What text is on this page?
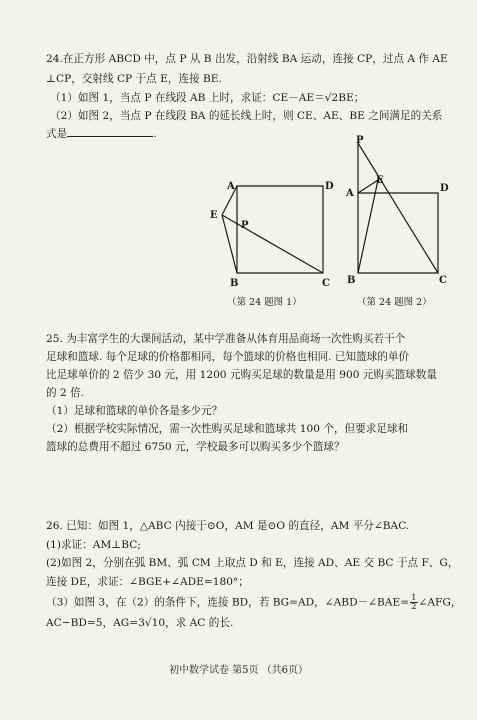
24.在正方形 ABCD 中，点 P 从 B 出发，沿射线 BA 运动，连接 CP，过点 A 作 AE
⊥CP，交射线 CP 于点 E，连接 BE.
（1）如图 1，当点 P 在线段 AB 上时，求证：CE－AE＝√2BE；
（2）如图 2，当点 P 在线段 BA 的延长线上时，则 CE、AE、BE 之间满足的关系
式是	.
A	D
E
P
B	C
（第 24 题图 1）
P
E
A	D
B	C
（第 24 题图 2）
25. 为丰富学生的大课间活动，某中学准备从体育用品商场一次性购买若干个
足球和篮球. 每个足球的价格都相同，每个篮球的价格也相同. 已知篮球的单价
比足球单价的 2 倍少 30 元，用 1200 元购买足球的数量是用 900 元购买篮球数量
的 2 倍.
（1）足球和篮球的单价各是多少元？
（2）根据学校实际情况，需一次性购买足球和篮球共 100 个，但要求足球和
篮球的总费用不超过 6750 元，学校最多可以购买多少个篮球？
26. 已知：如图 1，△ABC 内接于⊙O，AM 是⊙O 的直径，AM 平分∠BAC.
(1)求证：AM⊥BC;
(2)如图 2，分别在弧 BM、弧 CM 上取点 D 和 E，连接 AD、AE 交 BC 于点 F、G，
连接 DE，求证：∠BGE+∠ADE=180°；
（3）如图 3，在（2）的条件下，连接 BD，若 BG=AD，∠ABD－∠BAE= $\frac{1}{2}$ ∠AFG，
AC−BD=5，AG=3√10，求 AC 的长.
初中数学试卷 第5页 （共6页）
